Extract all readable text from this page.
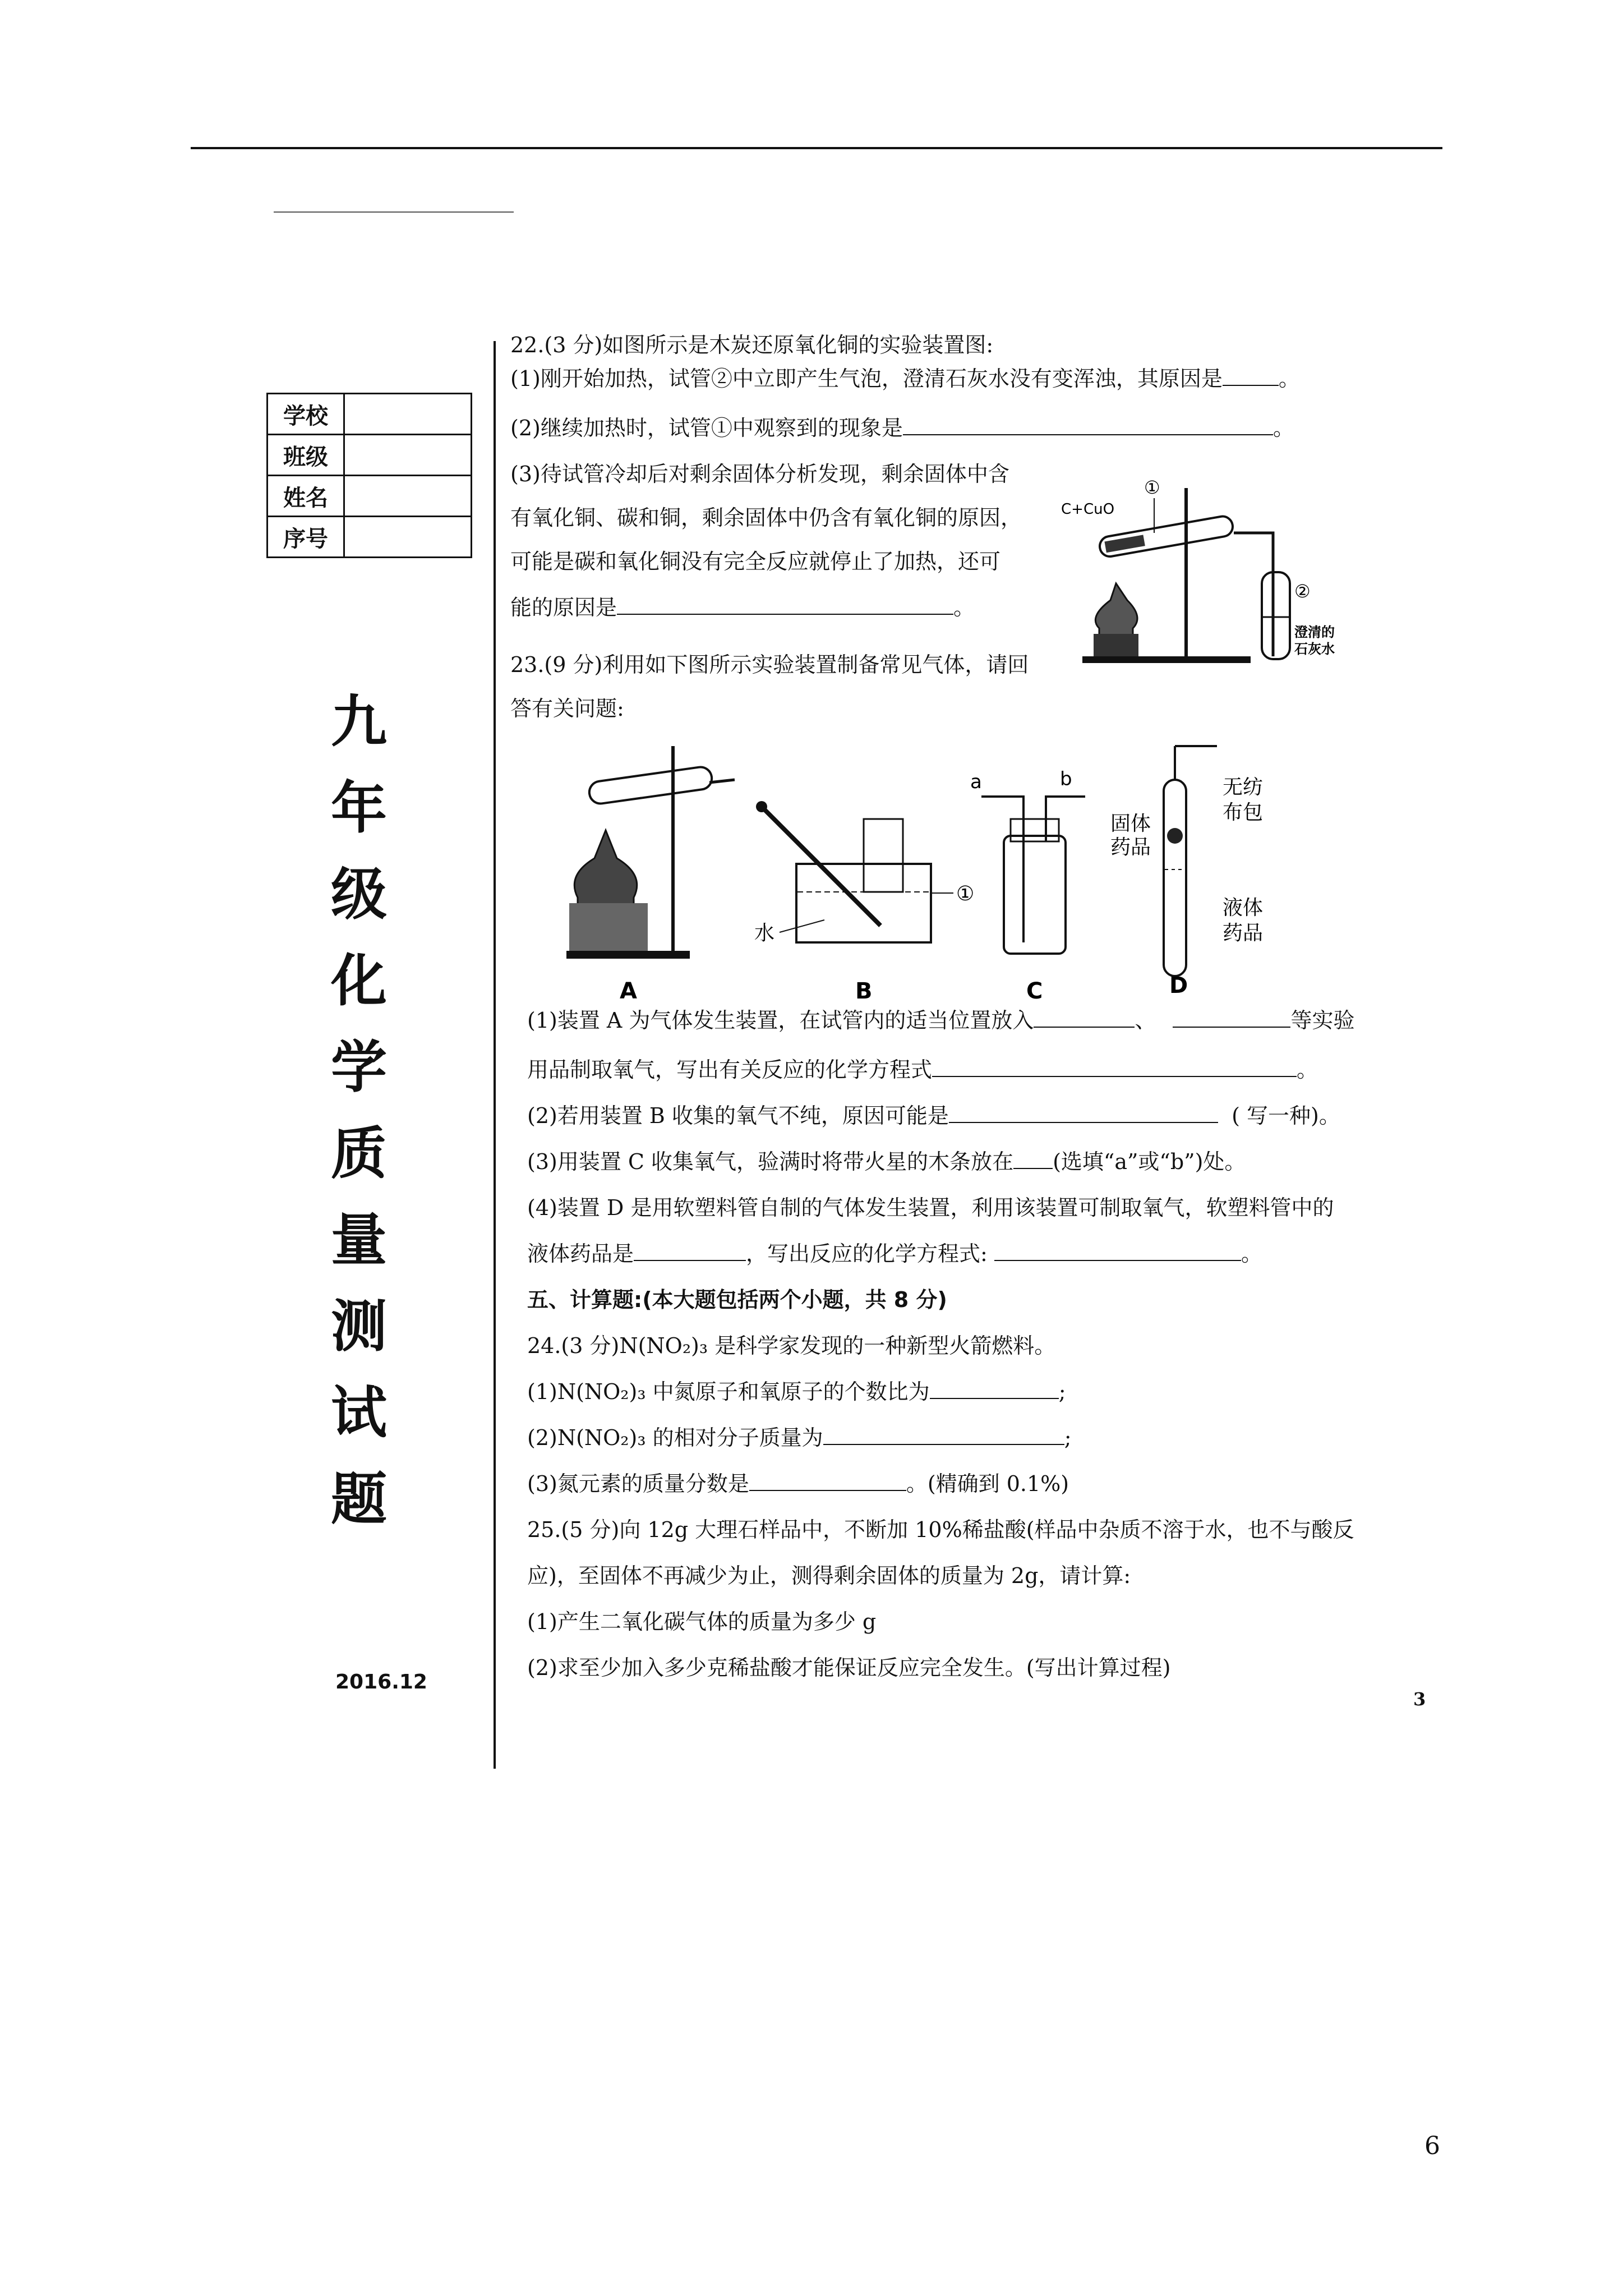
学校	
班级	
姓名	
序号	
九
年
级
化
学
质
量
测
试
题
2016.12
22.(3 分)如图所示是木炭还原氧化铜的实验装置图:
(1)刚开始加热，试管②中立即产生气泡，澄清石灰水没有变浑浊，其原因是	。
(2)继续加热时，试管①中观察到的现象是	。
(3)待试管冷却后对剩余固体分析发现，剩余固体中含
有氧化铜、碳和铜，剩余固体中仍含有氧化铜的原因，
可能是碳和氧化铜没有完全反应就停止了加热，还可
能的原因是	。
C+CuO
①
②
澄清的
石灰水
23.(9 分)利用如下图所示实验装置制备常见气体，请回
答有关问题:
A
水
①
B
a	b
C
固体
药品
无纺
布包
液体
药品
D
(1)装置 A 为气体发生装置，在试管内的适当位置放入	、	等实验
用品制取氧气，写出有关反应的化学方程式	。
(2)若用装置 B 收集的氧气不纯，原因可能是	( 写一种)。
(3)用装置 C 收集氧气，验满时将带火星的木条放在 (选填“a”或“b”)处。
(4)装置 D 是用软塑料管自制的气体发生装置，利用该装置可制取氧气，软塑料管中的
液体药品是	，写出反应的化学方程式:	。
五、计算题:(本大题包括两个小题，共 8 分)
24.(3 分)N(NO₂)₃ 是科学家发现的一种新型火箭燃料。
(1)N(NO₂)₃ 中氮原子和氧原子的个数比为	;
(2)N(NO₂)₃ 的相对分子质量为	;
(3)氮元素的质量分数是	。(精确到 0.1%)
25.(5 分)向 12g 大理石样品中，不断加 10%稀盐酸(样品中杂质不溶于水，也不与酸反
应)，至固体不再减少为止，测得剩余固体的质量为 2g，请计算:
(1)产生二氧化碳气体的质量为多少 g
(2)求至少加入多少克稀盐酸才能保证反应完全发生。(写出计算过程)
3
6
